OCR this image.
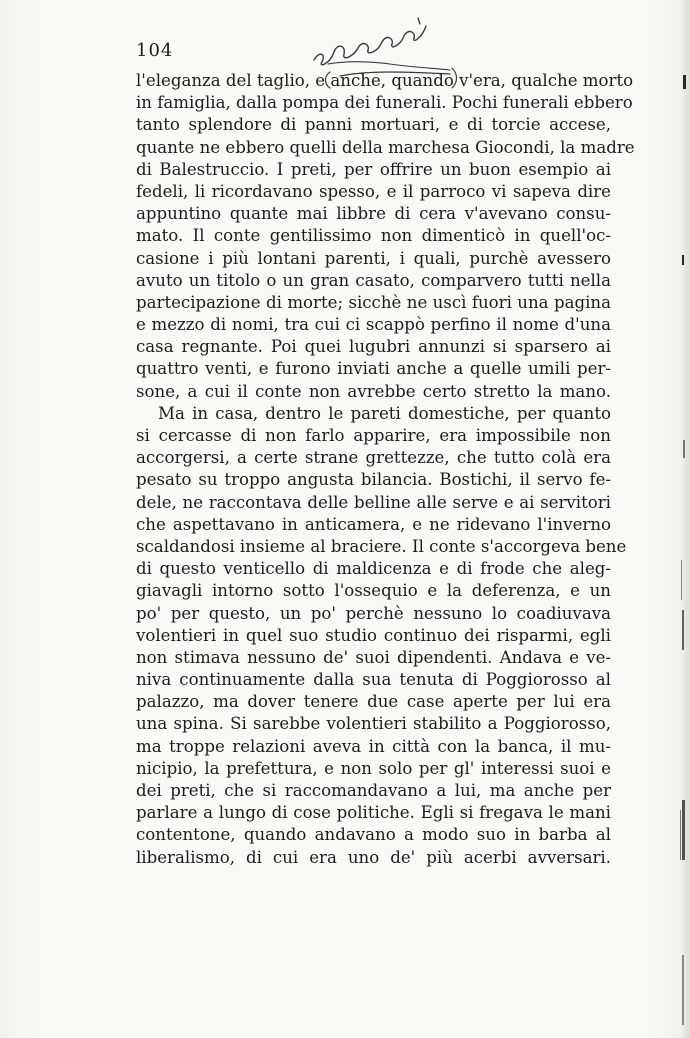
104
l'eleganza del taglio, e anche, quando v'era, qualche morto
in famiglia, dalla pompa dei funerali. Pochi funerali ebbero
tanto splendore di panni mortuari, e di torcie accese,
quante ne ebbero quelli della marchesa Giocondi, la madre
di Balestruccio. I preti, per offrire un buon esempio ai
fedeli, li ricordavano spesso, e il parroco vi sapeva dire
appuntino quante mai libbre di cera v'avevano consu-
mato. Il conte gentilissimo non dimenticò in quell'oc-
casione i più lontani parenti, i quali, purchè avessero
avuto un titolo o un gran casato, comparvero tutti nella
partecipazione di morte; sicchè ne uscì fuori una pagina
e mezzo di nomi, tra cui ci scappò perfino il nome d'una
casa regnante. Poi quei lugubri annunzi si sparsero ai
quattro venti, e furono inviati anche a quelle umili per-
sone, a cui il conte non avrebbe certo stretto la mano.
Ma in casa, dentro le pareti domestiche, per quanto
si cercasse di non farlo apparire, era impossibile non
accorgersi, a certe strane grettezze, che tutto colà era
pesato su troppo angusta bilancia. Bostichi, il servo fe-
dele, ne raccontava delle belline alle serve e ai servitori
che aspettavano in anticamera, e ne ridevano l'inverno
scaldandosi insieme al braciere. Il conte s'accorgeva bene
di questo venticello di maldicenza e di frode che aleg-
giavagli intorno sotto l'ossequio e la deferenza, e un
po' per questo, un po' perchè nessuno lo coadiuvava
volentieri in quel suo studio continuo dei risparmi, egli
non stimava nessuno de' suoi dipendenti. Andava e ve-
niva continuamente dalla sua tenuta di Poggiorosso al
palazzo, ma dover tenere due case aperte per lui era
una spina. Si sarebbe volentieri stabilito a Poggiorosso,
ma troppe relazioni aveva in città con la banca, il mu-
nicipio, la prefettura, e non solo per gl' interessi suoi e
dei preti, che si raccomandavano a lui, ma anche per
parlare a lungo di cose politiche. Egli si fregava le mani
contentone, quando andavano a modo suo in barba al
liberalismo, di cui era uno de' più acerbi avversari.
